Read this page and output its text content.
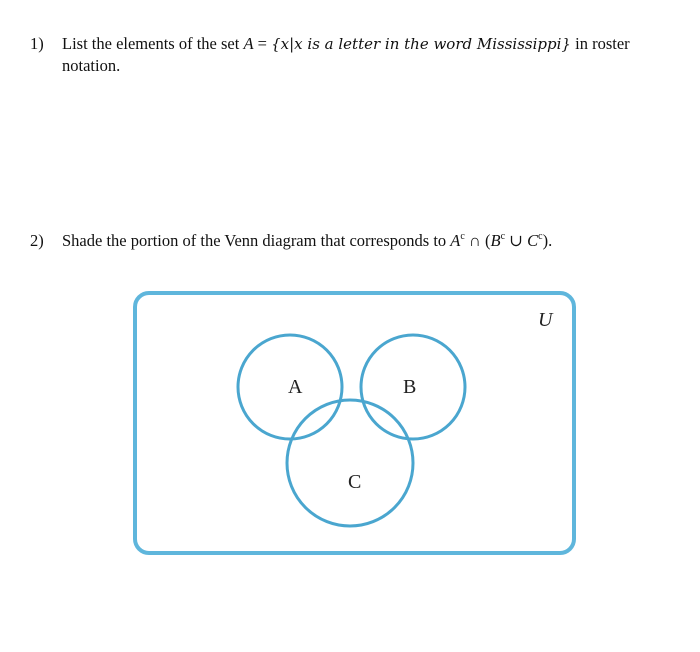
1) List the elements of the set A = {x|x is a letter in the word Mississippi} in roster
notation.
2) Shade the portion of the Venn diagram that corresponds to $A^c$ ∩ ($B^c$ ∪ $C^c$).
U
A	B
C
